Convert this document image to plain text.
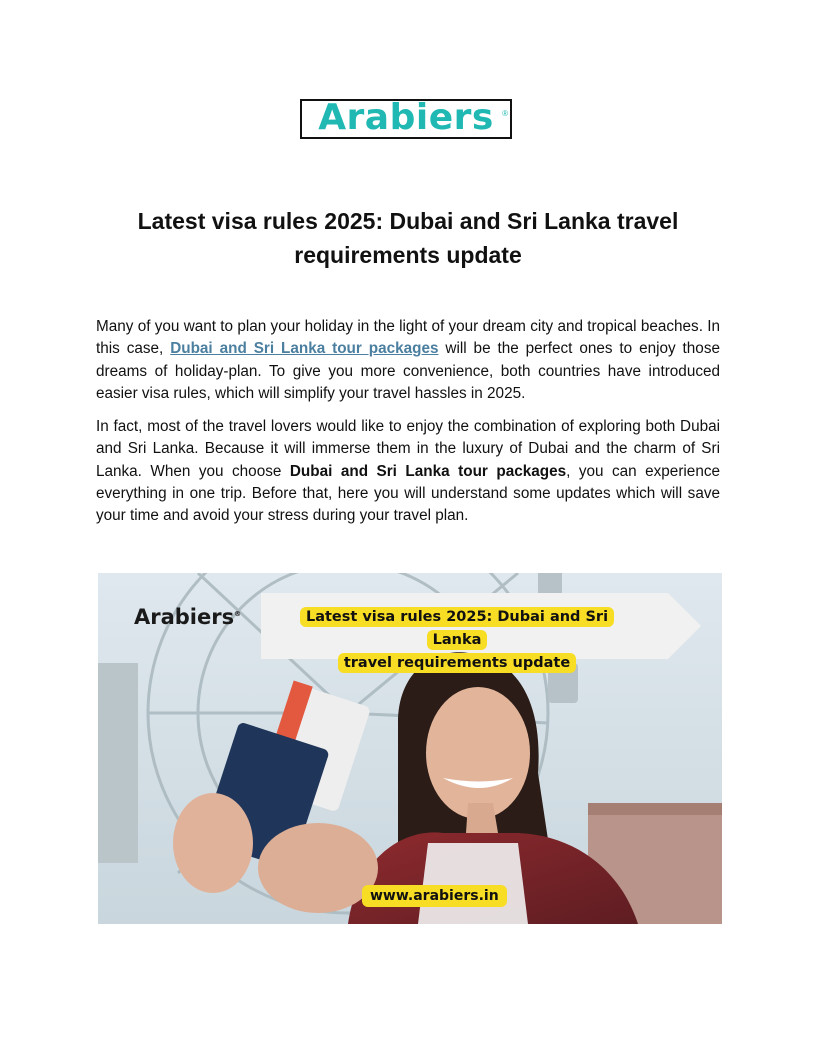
Arabiers ®
Latest visa rules 2025: Dubai and Sri Lanka travel requirements update

Many of you want to plan your holiday in the light of your dream city and tropical beaches. In this case, Dubai and Sri Lanka tour packages will be the perfect ones to enjoy those dreams of holiday-plan. To give you more convenience, both countries have introduced easier visa rules, which will simplify your travel hassles in 2025.

In fact, most of the travel lovers would like to enjoy the combination of exploring both Dubai and Sri Lanka. Because it will immerse them in the luxury of Dubai and the charm of Sri Lanka. When you choose Dubai and Sri Lanka tour packages, you can experience everything in one trip. Before that, here you will understand some updates which will save your time and avoid your stress during your travel plan.

Arabiers®	Latest visa rules 2025: Dubai and Sri Lanka
travel requirements update
www.arabiers.in
